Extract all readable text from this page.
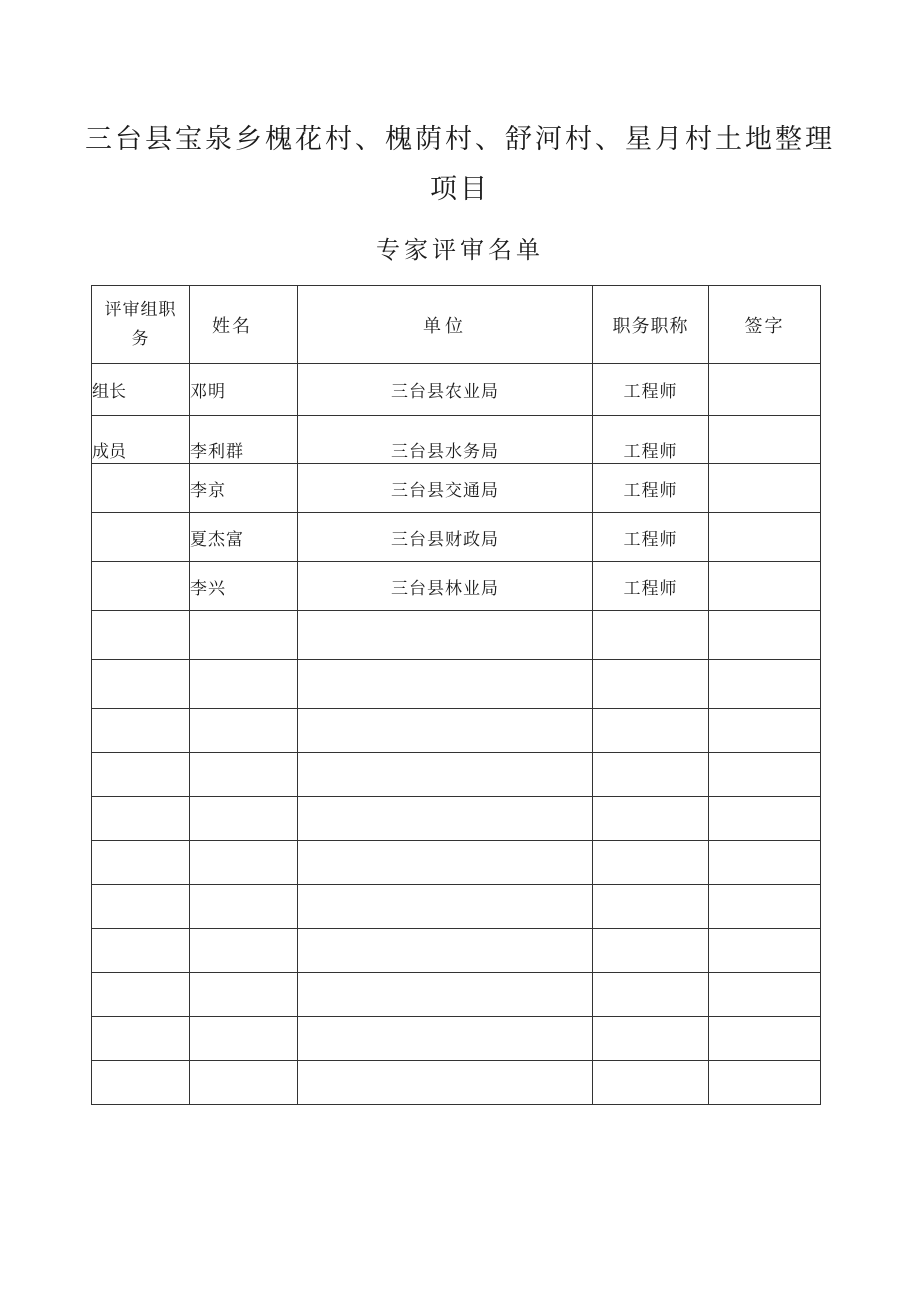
三台县宝泉乡槐花村、槐荫村、舒河村、星月村土地整理
项目
专家评审名单
评审组职
务	姓名	单位	职务职称	签字
组长	邓明	三台县农业局	工程师	
成员	李利群	三台县水务局	工程师	
	李京	三台县交通局	工程师	
	夏杰富	三台县财政局	工程师	
	李兴	三台县林业局	工程师	
